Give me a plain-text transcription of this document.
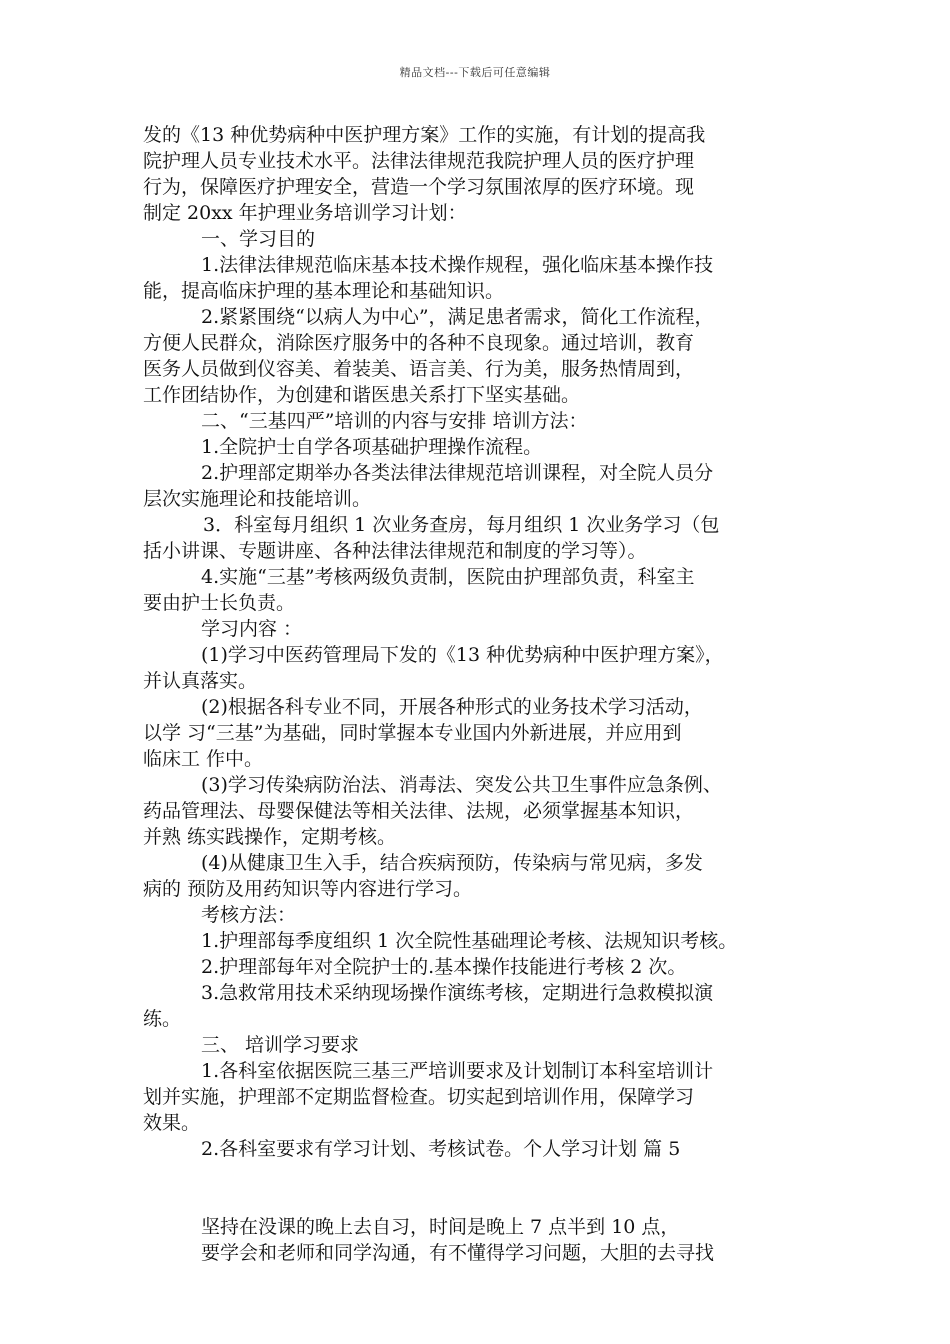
精品文档---下载后可任意编辑
发的《13 种优势病种中医护理方案》工作的实施，有计划的提高我
院护理人员专业技术水平。法律法律规范我院护理人员的医疗护理
行为，保障医疗护理安全，营造一个学习氛围浓厚的医疗环境。现
制定 20xx 年护理业务培训学习计划：
一、学习目的
1.法律法律规范临床基本技术操作规程，强化临床基本操作技
能，提高临床护理的基本理论和基础知识。
2.紧紧围绕“以病人为中心”，满足患者需求，简化工作流程，
方便人民群众，消除医疗服务中的各种不良现象。通过培训，教育
医务人员做到仪容美、着装美、语言美、行为美，服务热情周到，
工作团结协作，为创建和谐医患关系打下坚实基础。
二、“三基四严”培训的内容与安排 培训方法：
1.全院护士自学各项基础护理操作流程。
2.护理部定期举办各类法律法律规范培训课程，对全院人员分
层次实施理论和技能培训。
3．科室每月组织 1 次业务查房，每月组织 1 次业务学习（包
括小讲课、专题讲座、各种法律法律规范和制度的学习等）。
4.实施“三基”考核两级负责制，医院由护理部负责，科室主
要由护士长负责。
学习内容 ：
(1)学习中医药管理局下发的《13 种优势病种中医护理方案》，
并认真落实。
(2)根据各科专业不同，开展各种形式的业务技术学习活动，
以学 习“三基”为基础，同时掌握本专业国内外新进展，并应用到
临床工 作中。
(3)学习传染病防治法、消毒法、突发公共卫生事件应急条例、
药品管理法、母婴保健法等相关法律、法规，必须掌握基本知识，
并熟 练实践操作，定期考核。
(4)从健康卫生入手，结合疾病预防，传染病与常见病，多发
病的 预防及用药知识等内容进行学习。
考核方法：
1.护理部每季度组织 1 次全院性基础理论考核、法规知识考核。
2.护理部每年对全院护士的.基本操作技能进行考核 2 次。
3.急救常用技术采纳现场操作演练考核，定期进行急救模拟演
练。
三、 培训学习要求
1.各科室依据医院三基三严培训要求及计划制订本科室培训计
划并实施，护理部不定期监督检查。切实起到培训作用，保障学习
效果。
2.各科室要求有学习计划、考核试卷。个人学习计划 篇 5
坚持在没课的晚上去自习，时间是晚上 7 点半到 10 点，
要学会和老师和同学沟通，有不懂得学习问题，大胆的去寻找
